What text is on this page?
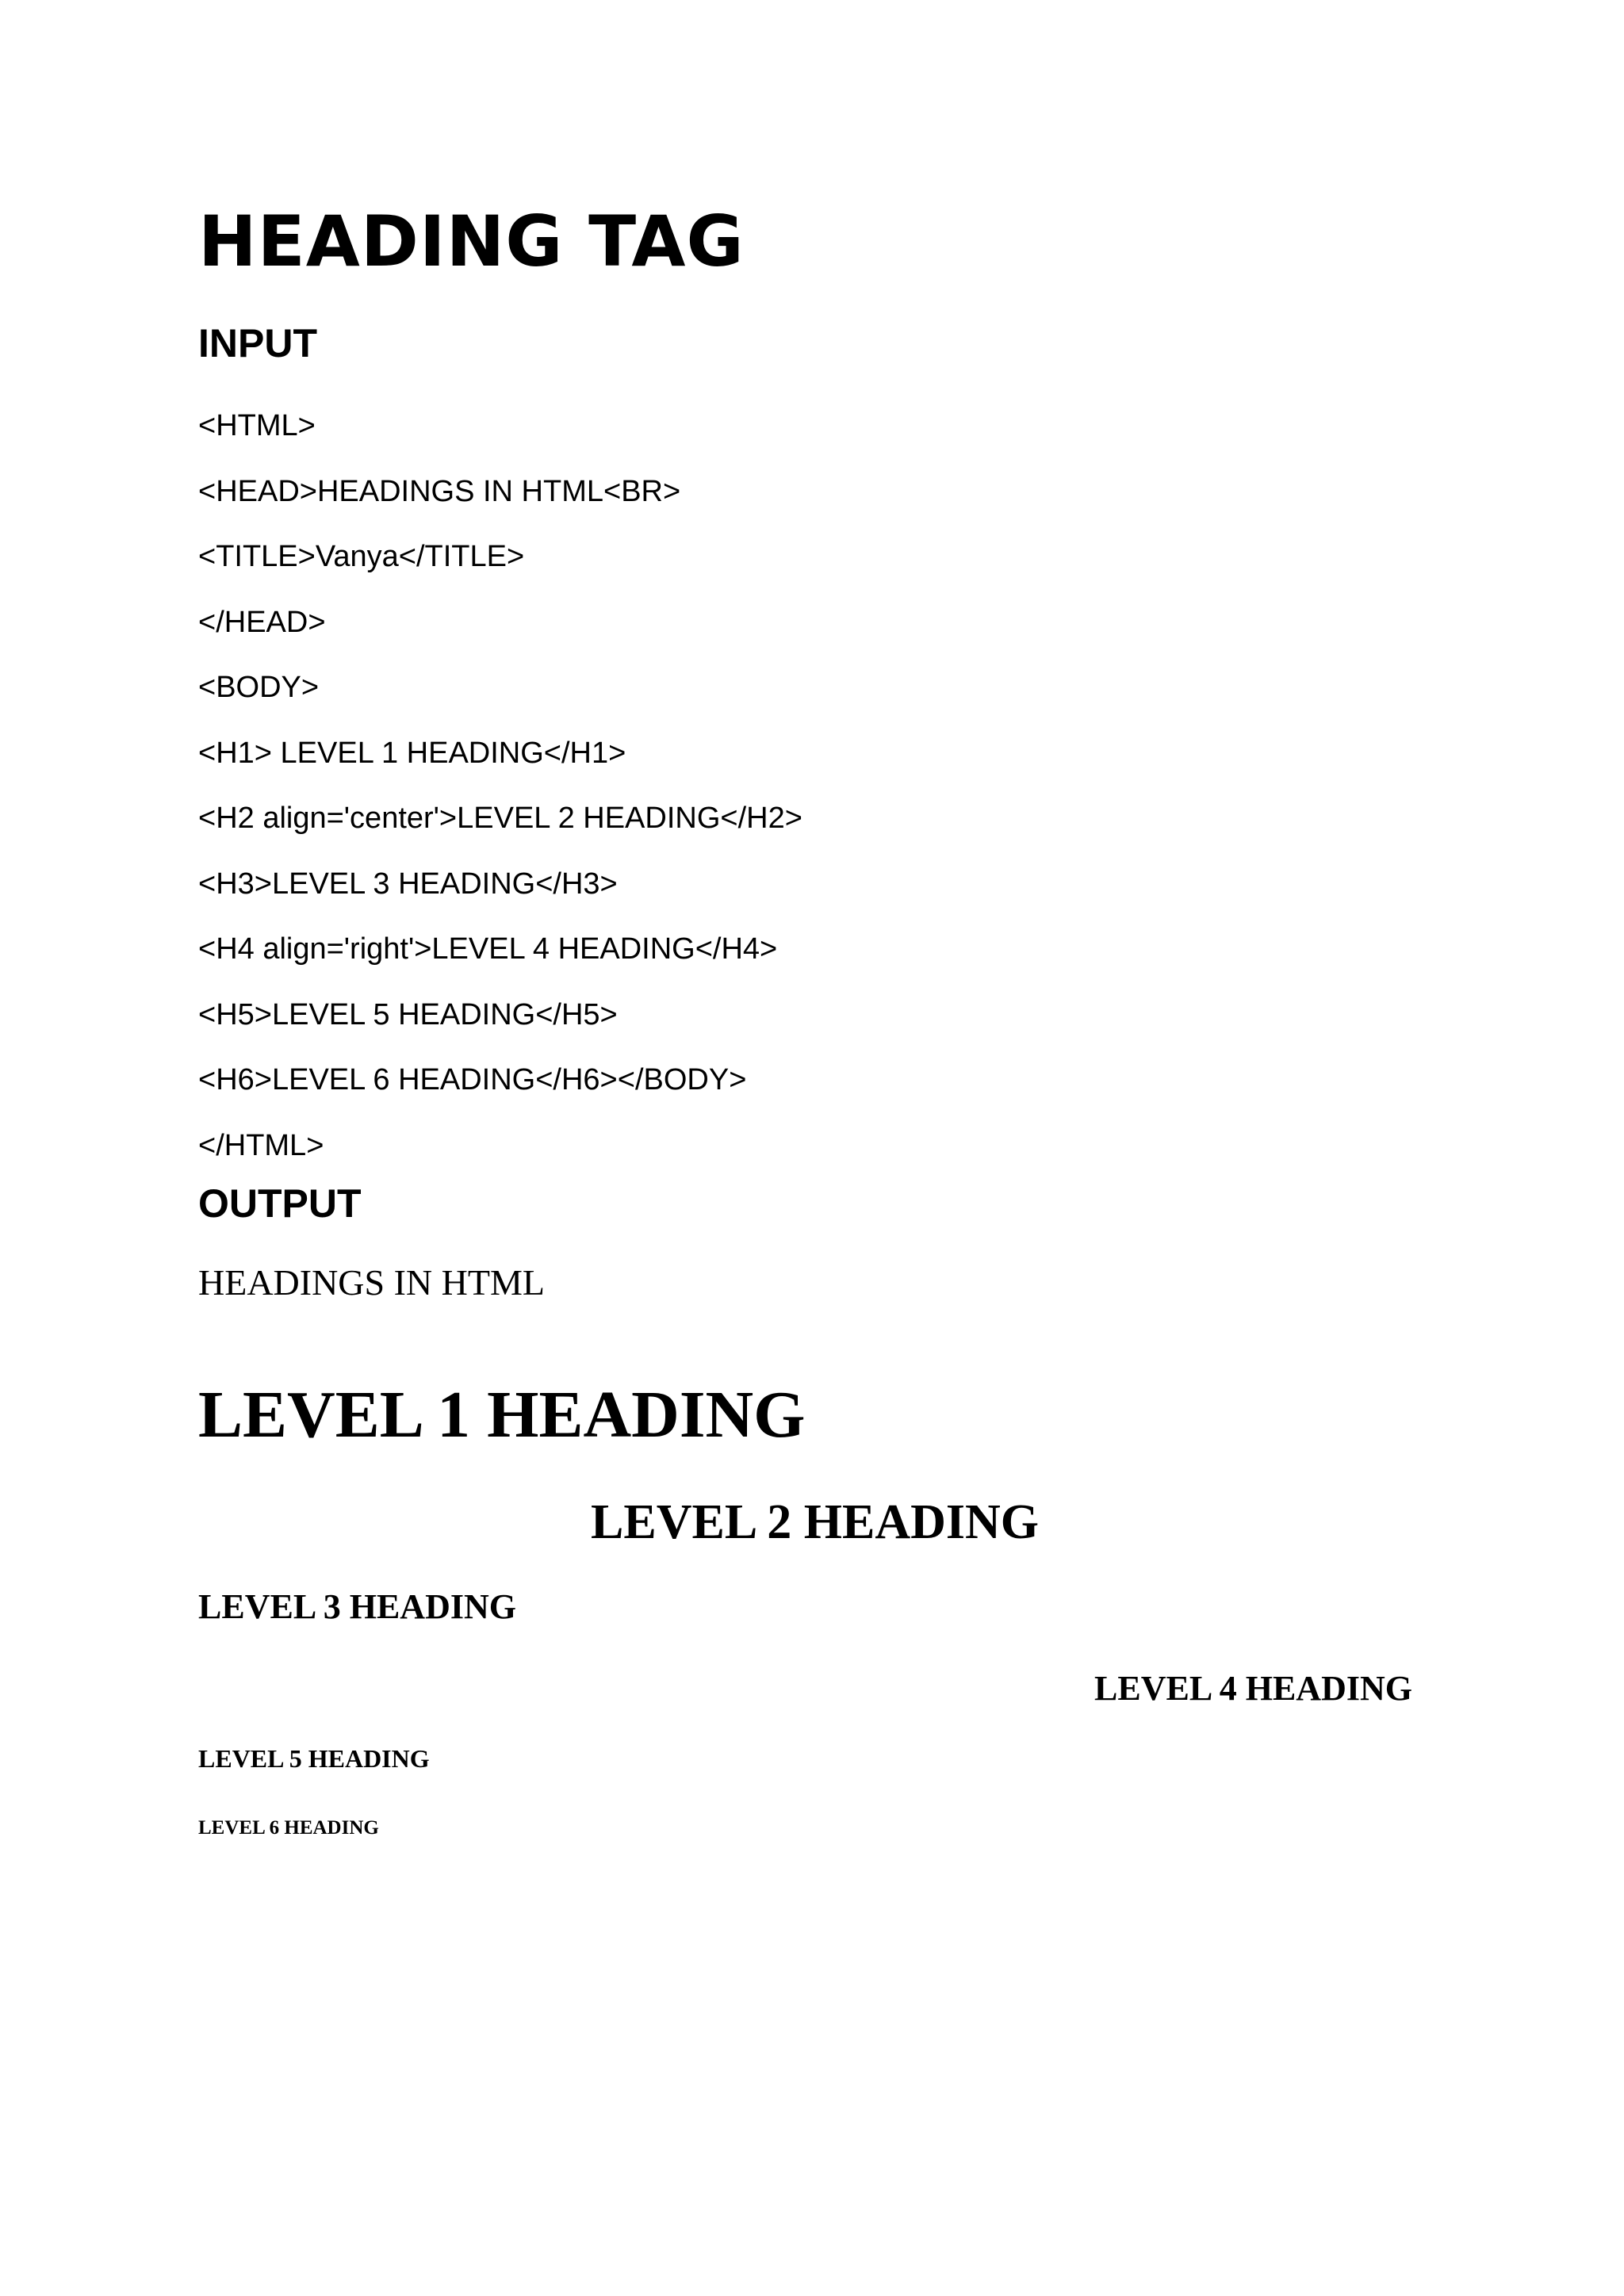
HEADING TAG
INPUT
<HTML>
<HEAD>HEADINGS IN HTML<BR>
<TITLE>Vanya</TITLE>
</HEAD>
<BODY>
<H1> LEVEL 1 HEADING</H1>
<H2 align='center'>LEVEL 2 HEADING</H2>
<H3>LEVEL 3 HEADING</H3>
<H4 align='right'>LEVEL 4 HEADING</H4>
<H5>LEVEL 5 HEADING</H5>
<H6>LEVEL 6 HEADING</H6></BODY>
</HTML>
OUTPUT
HEADINGS IN HTML
LEVEL 1 HEADING
LEVEL 2 HEADING
LEVEL 3 HEADING
LEVEL 4 HEADING
LEVEL 5 HEADING
LEVEL 6 HEADING
